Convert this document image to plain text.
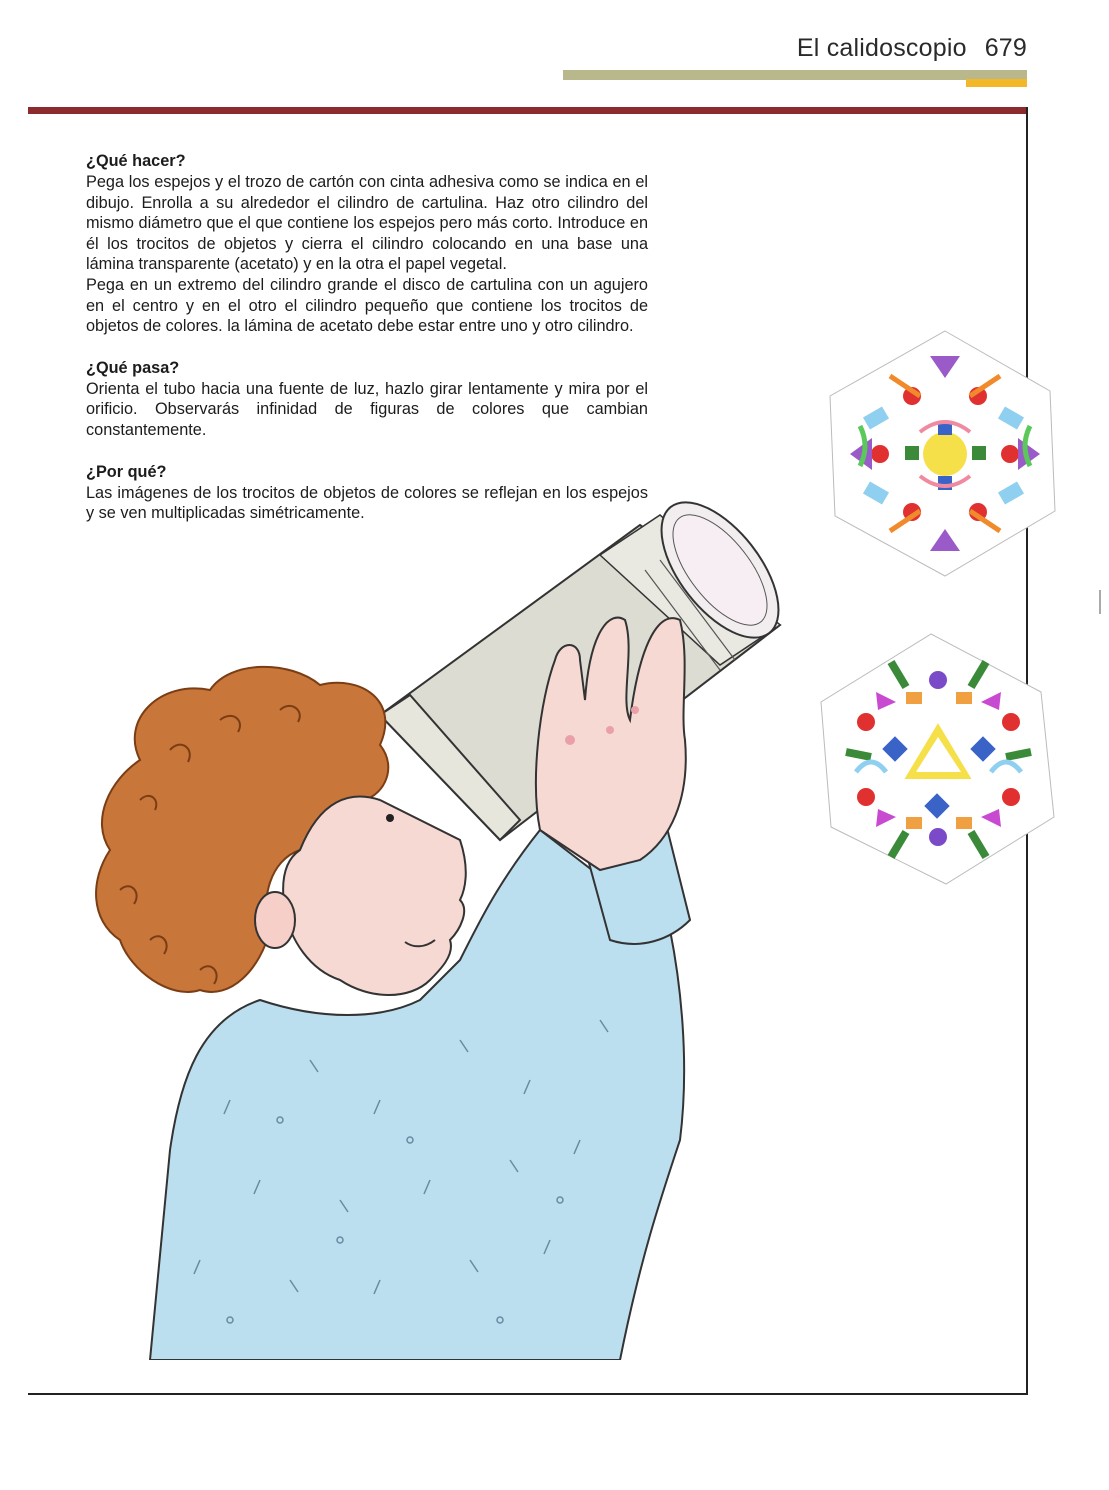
El calidoscopio 679
¿Qué hacer?

Pega los espejos y el trozo de cartón con cinta adhesiva como se indica en el dibujo. Enrolla a su alrededor el cilindro de cartulina. Haz otro cilindro del mismo diámetro que el que contiene los espejos pero más corto. Introduce en él los trocitos de objetos y cierra el cilindro colocando en una base una lámina transparente (acetato) y en la otra el papel vegetal.

Pega en un extremo del cilindro grande el disco de cartulina con un agujero en el centro y en el otro el cilindro pequeño que contiene los trocitos de objetos de colores. la lámina de acetato debe estar entre uno y otro cilindro.

¿Qué pasa?

Orienta el tubo hacia una fuente de luz, hazlo girar lentamente y mira por el orificio. Observarás infinidad de figuras de colores que cambian constantemente.

¿Por qué?

Las imágenes de los trocitos de objetos de colores se reflejan en los espejos y se ven multiplicadas simétricamente.
